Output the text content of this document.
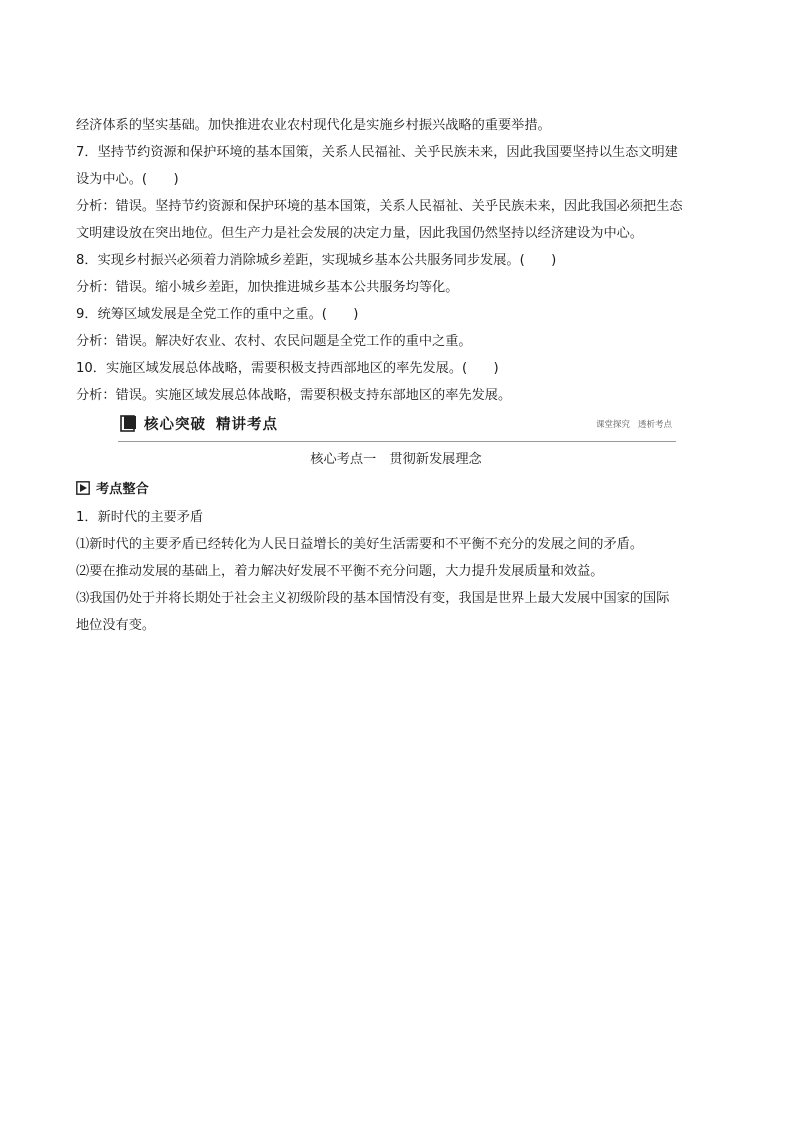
经济体系的坚实基础。加快推进农业农村现代化是实施乡村振兴战略的重要举措。
7．坚持节约资源和保护环境的基本国策，关系人民福祉、关乎民族未来，因此我国要坚持以生态文明建
设为中心。(　　)
分析：错误。坚持节约资源和保护环境的基本国策，关系人民福祉、关乎民族未来，因此我国必须把生态
文明建设放在突出地位。但生产力是社会发展的决定力量，因此我国仍然坚持以经济建设为中心。
8．实现乡村振兴必须着力消除城乡差距，实现城乡基本公共服务同步发展。(　　)
分析：错误。缩小城乡差距，加快推进城乡基本公共服务均等化。
9．统筹区域发展是全党工作的重中之重。(　　)
分析：错误。解决好农业、农村、农民问题是全党工作的重中之重。
10．实施区域发展总体战略，需要积极支持西部地区的率先发展。(　　)
分析：错误。实施区域发展总体战略，需要积极支持东部地区的率先发展。
核心突破 精讲考点	课堂探究 透析考点
核心考点一　贯彻新发展理念
考点整合
1．新时代的主要矛盾
⑴新时代的主要矛盾已经转化为人民日益增长的美好生活需要和不平衡不充分的发展之间的矛盾。
⑵要在推动发展的基础上，着力解决好发展不平衡不充分问题，大力提升发展质量和效益。
⑶我国仍处于并将长期处于社会主义初级阶段的基本国情没有变，我国是世界上最大发展中国家的国际
地位没有变。
